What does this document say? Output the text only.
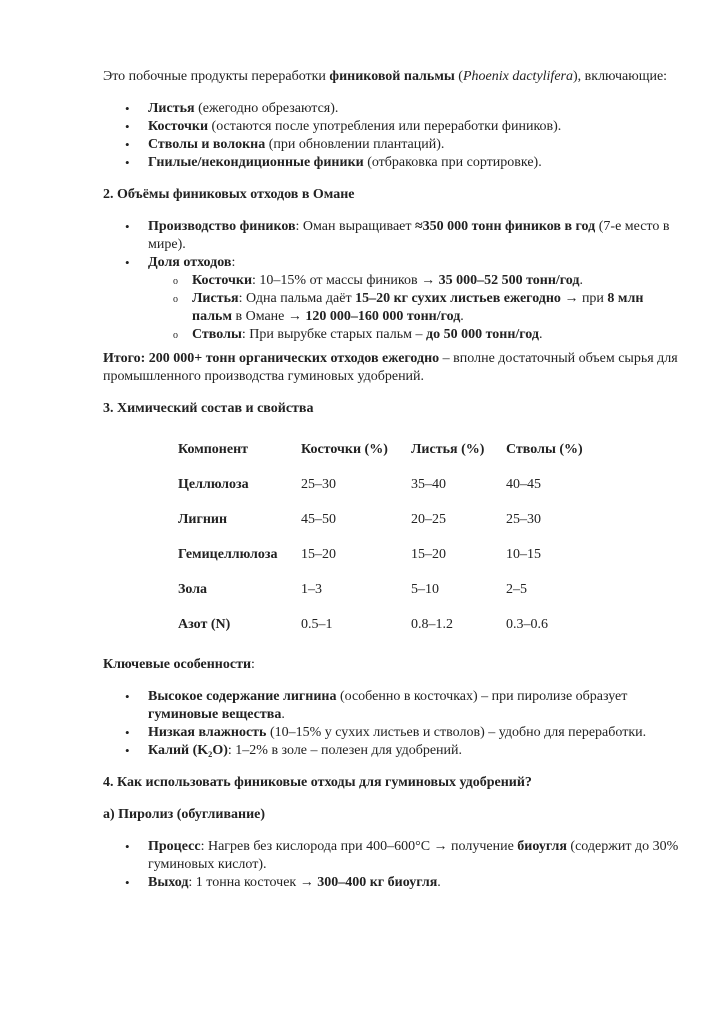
Это побочные продукты переработки финиковой пальмы (Phoenix dactylifera), включающие:

• Листья (ежегодно обрезаются).
• Косточки (остаются после употребления или переработки фиников).
• Стволы и волокна (при обновлении плантаций).
• Гнилые/некондиционные финики (отбраковка при сортировке).

2. Объёмы финиковых отходов в Омане

• Производство фиников: Оман выращивает ≈350 000 тонн фиников в год (7-е место в мире).
• Доля отходов:
o Косточки: 10–15% от массы фиников → 35 000–52 500 тонн/год.
o Листья: Одна пальма даёт 15–20 кг сухих листьев ежегодно → при 8 млн пальм в Омане → 120 000–160 000 тонн/год.
o Стволы: При вырубке старых пальм – до 50 000 тонн/год.

Итого: 200 000+ тонн органических отходов ежегодно – вполне достаточный объем сырья для промышленного производства гуминовых удобрений.

3. Химический состав и свойства

Компонент	Косточки (%)	Листья (%)	Стволы (%)
Целлюлоза	25–30	35–40	40–45
Лигнин	45–50	20–25	25–30
Гемицеллюлоза	15–20	15–20	10–15
Зола	1–3	5–10	2–5
Азот (N)	0.5–1	0.8–1.2	0.3–0.6

Ключевые особенности:

• Высокое содержание лигнина (особенно в косточках) – при пиролизе образует гуминовые вещества.
• Низкая влажность (10–15% у сухих листьев и стволов) – удобно для переработки.
• Калий (K₂O): 1–2% в золе – полезен для удобрений.

4. Как использовать финиковые отходы для гуминовых удобрений?

а) Пиролиз (обугливание)

• Процесс: Нагрев без кислорода при 400–600°C → получение биоугля (содержит до 30% гуминовых кислот).
• Выход: 1 тонна косточек → 300–400 кг биоугля.
